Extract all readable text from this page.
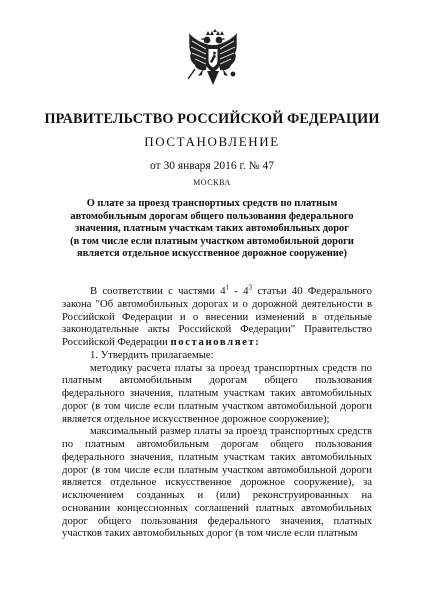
ПРАВИТЕЛЬСТВО РОССИЙСКОЙ ФЕДЕРАЦИИ
ПОСТАНОВЛЕНИЕ
от 30 января 2016 г. № 47
МОСКВА
О плате за проезд транспортных средств по платным
автомобильным дорогам общего пользования федерального
значения, платным участкам таких автомобильных дорог
(в том числе если платным участком автомобильной дороги
является отдельное искусственное дорожное сооружение)

В соответствии с частями $4^1 - 4^3$ статьи 40 Федерального закона "Об автомобильных дорогах и о дорожной деятельности в Российской Федерации и о внесении изменений в отдельные законодательные акты Российской Федерации" Правительство Российской Федерации постановляет:

1. Утвердить прилагаемые:

методику расчета платы за проезд транспортных средств по платным автомобильным дорогам общего пользования федерального значения, платным участкам таких автомобильных дорог (в том числе если платным участком автомобильной дороги является отдельное искусственное дорожное сооружение);

максимальный размер платы за проезд транспортных средств по платным автомобильным дорогам общего пользования федерального значения, платным участкам таких автомобильных дорог (в том числе если платным участком автомобильной дороги является отдельное искусственное дорожное сооружение), за исключением созданных и (или) реконструированных на основании концессионных соглашений платных автомобильных дорог общего пользования федерального значения, платных участков таких автомобильных дорог (в том числе если платным
